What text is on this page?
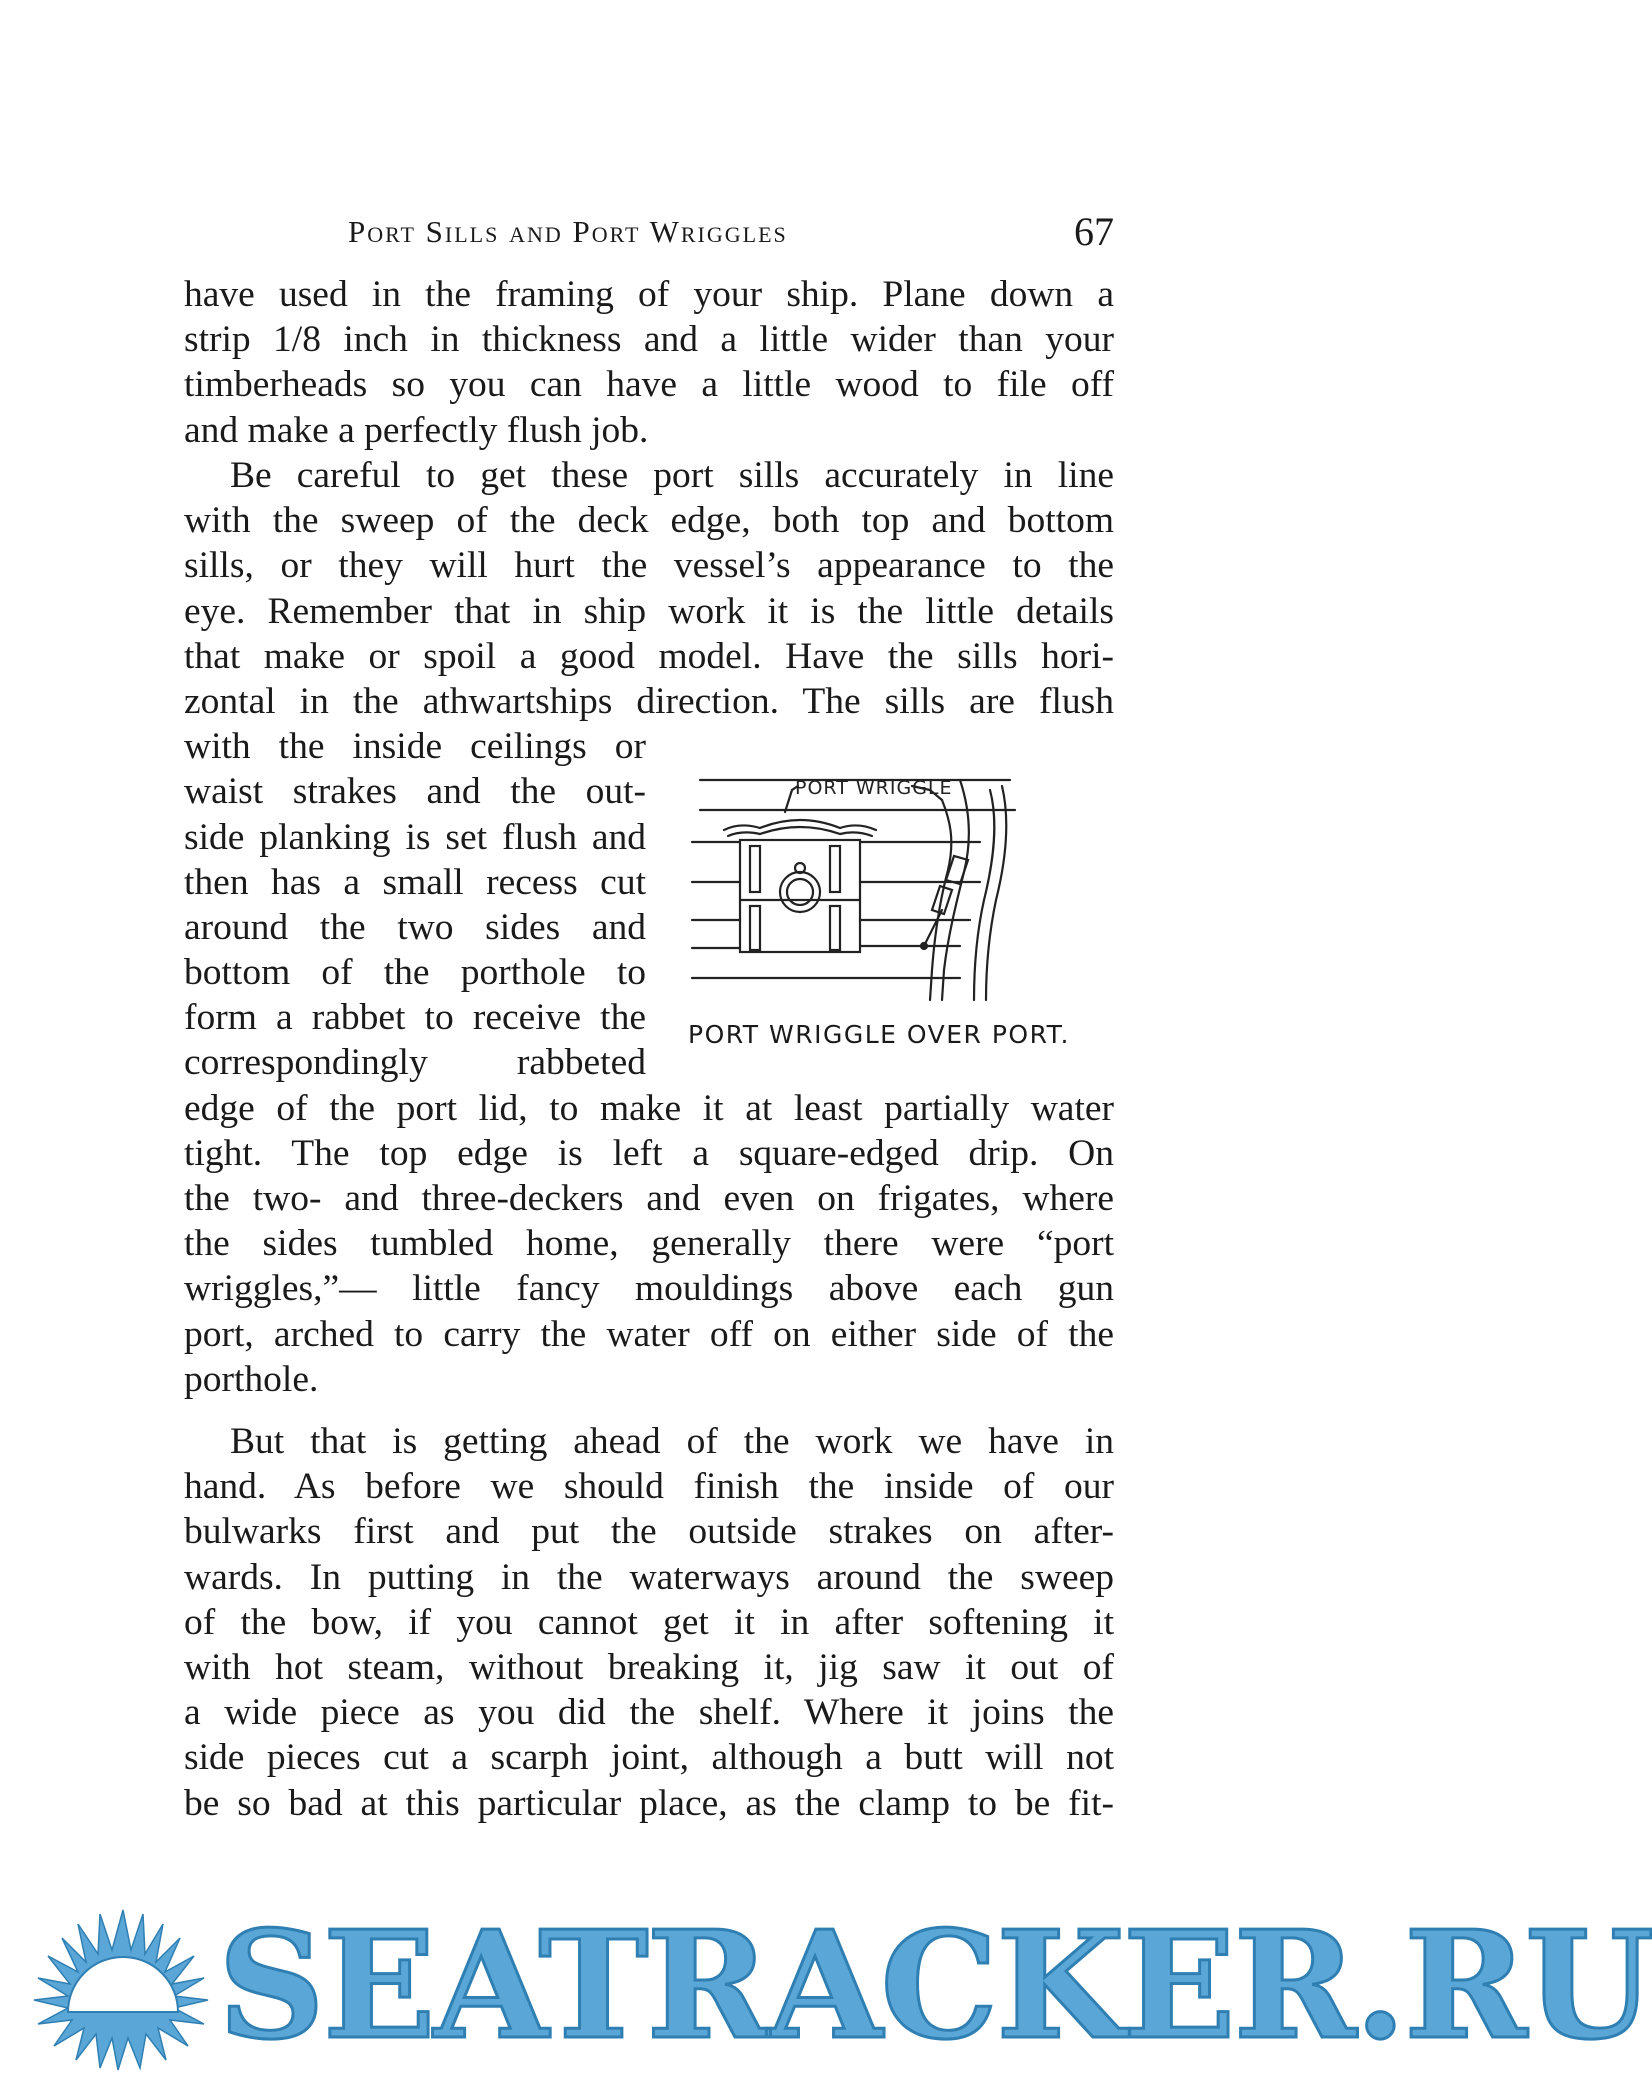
Port Sills and Port Wriggles	67
have used in the framing of your ship. Plane down a
strip 1/8 inch in thickness and a little wider than your
timberheads so you can have a little wood to file off
and make a perfectly flush job.
Be careful to get these port sills accurately in line
with the sweep of the deck edge, both top and bottom
sills, or they will hurt the vessel’s appearance to the
eye. Remember that in ship work it is the little details
that make or spoil a good model. Have the sills hori-
zontal in the athwartships direction. The sills are flush
with the inside ceilings or
waist strakes and the out-
side planking is set flush and
then has a small recess cut
around the two sides and
bottom of the porthole to
form a rabbet to receive the
correspondingly rabbeted
edge of the port lid, to make it at least partially water
tight. The top edge is left a square-edged drip. On
the two- and three-deckers and even on frigates, where
the sides tumbled home, generally there were “port
wriggles,”— little fancy mouldings above each gun
port, arched to carry the water off on either side of the
porthole.
But that is getting ahead of the work we have in
hand. As before we should finish the inside of our
bulwarks first and put the outside strakes on after-
wards. In putting in the waterways around the sweep
of the bow, if you cannot get it in after softening it
with hot steam, without breaking it, jig saw it out of
a wide piece as you did the shelf. Where it joins the
side pieces cut a scarph joint, although a butt will not
be so bad at this particular place, as the clamp to be fit-
PORT WRIGGLE
PORT WRIGGLE OVER PORT.
SEATRACKER.RU
